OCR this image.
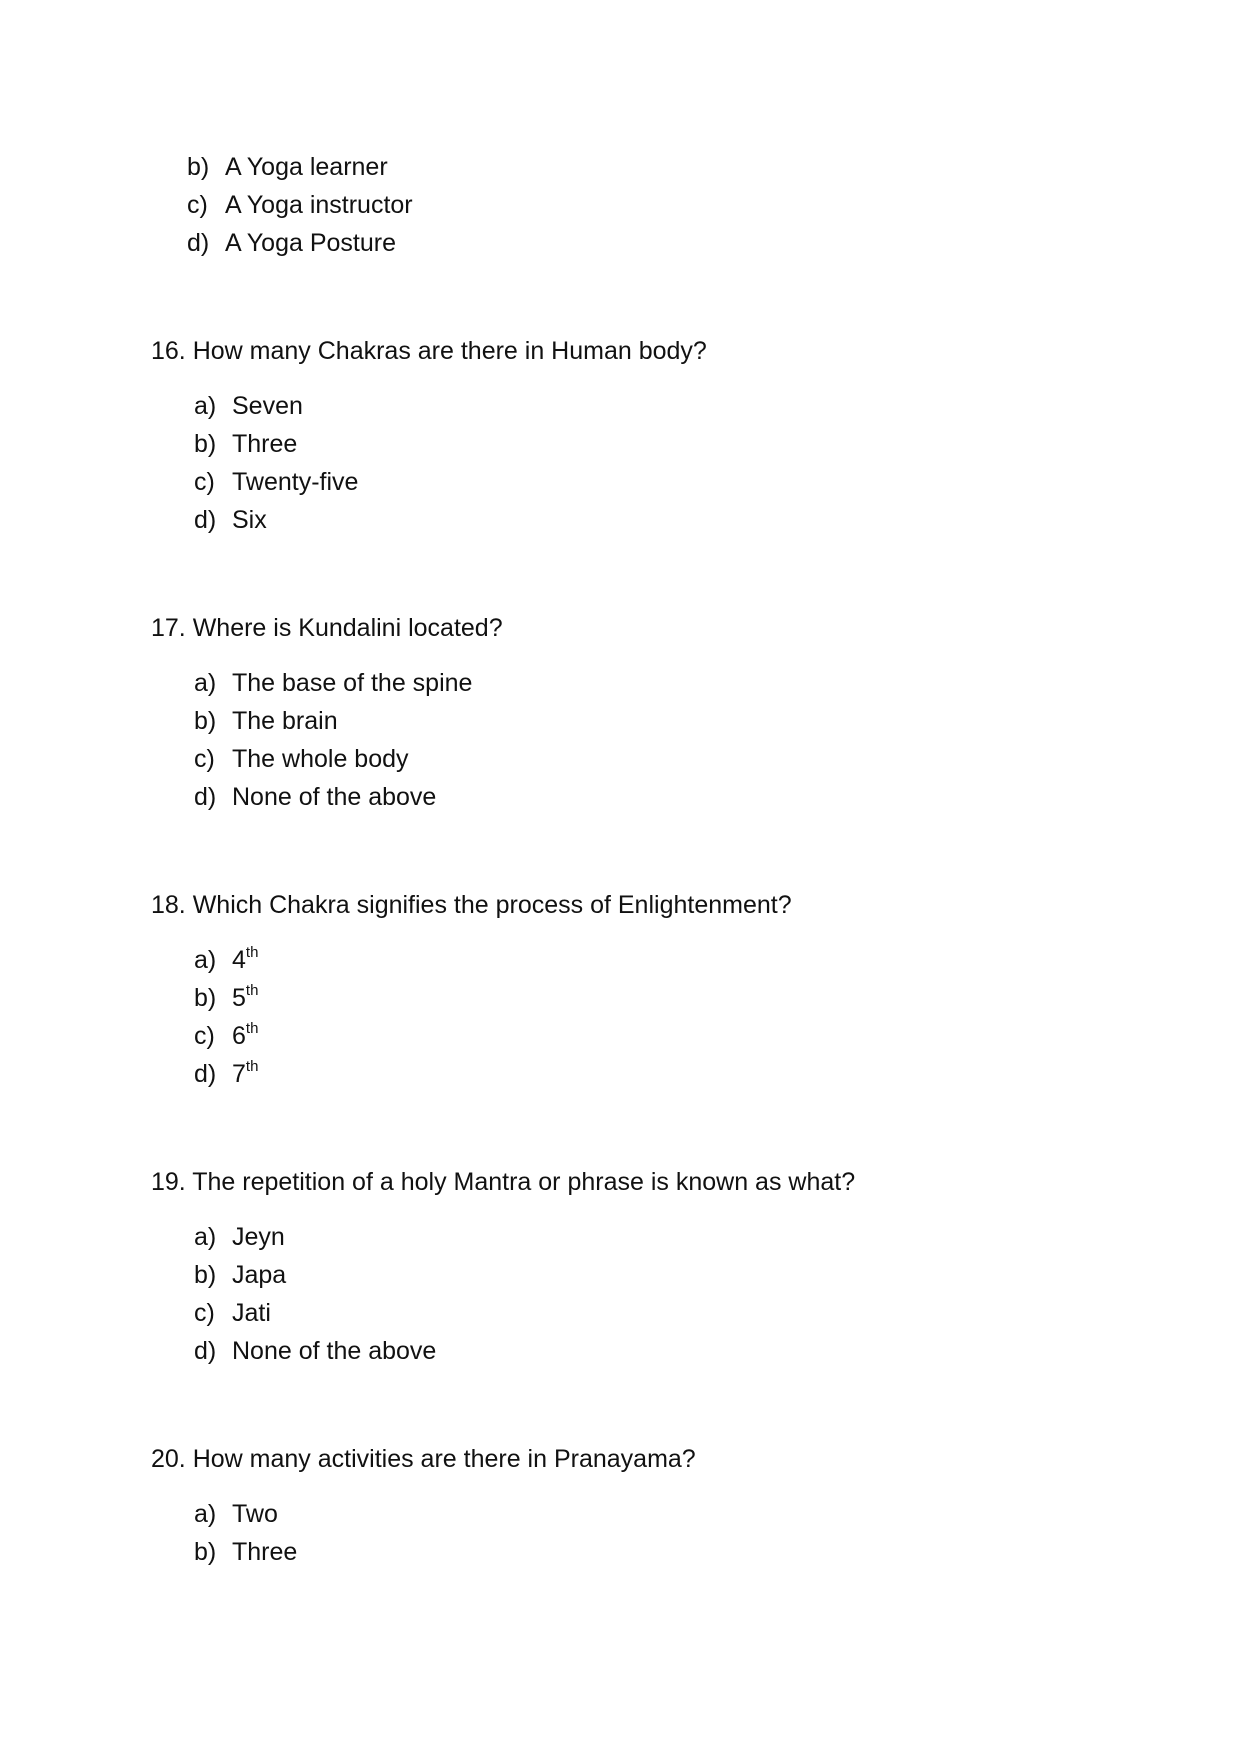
b) A Yoga learner
c) A Yoga instructor
d) A Yoga Posture
16. How many Chakras are there in Human body?
a) Seven
b) Three
c) Twenty-five
d) Six
17. Where is Kundalini located?
a) The base of the spine
b) The brain
c) The whole body
d) None of the above
18. Which Chakra signifies the process of Enlightenment?
a) 4th
b) 5th
c) 6th
d) 7th
19. The repetition of a holy Mantra or phrase is known as what?
a) Jeyn
b) Japa
c) Jati
d) None of the above
20. How many activities are there in Pranayama?
a) Two
b) Three
